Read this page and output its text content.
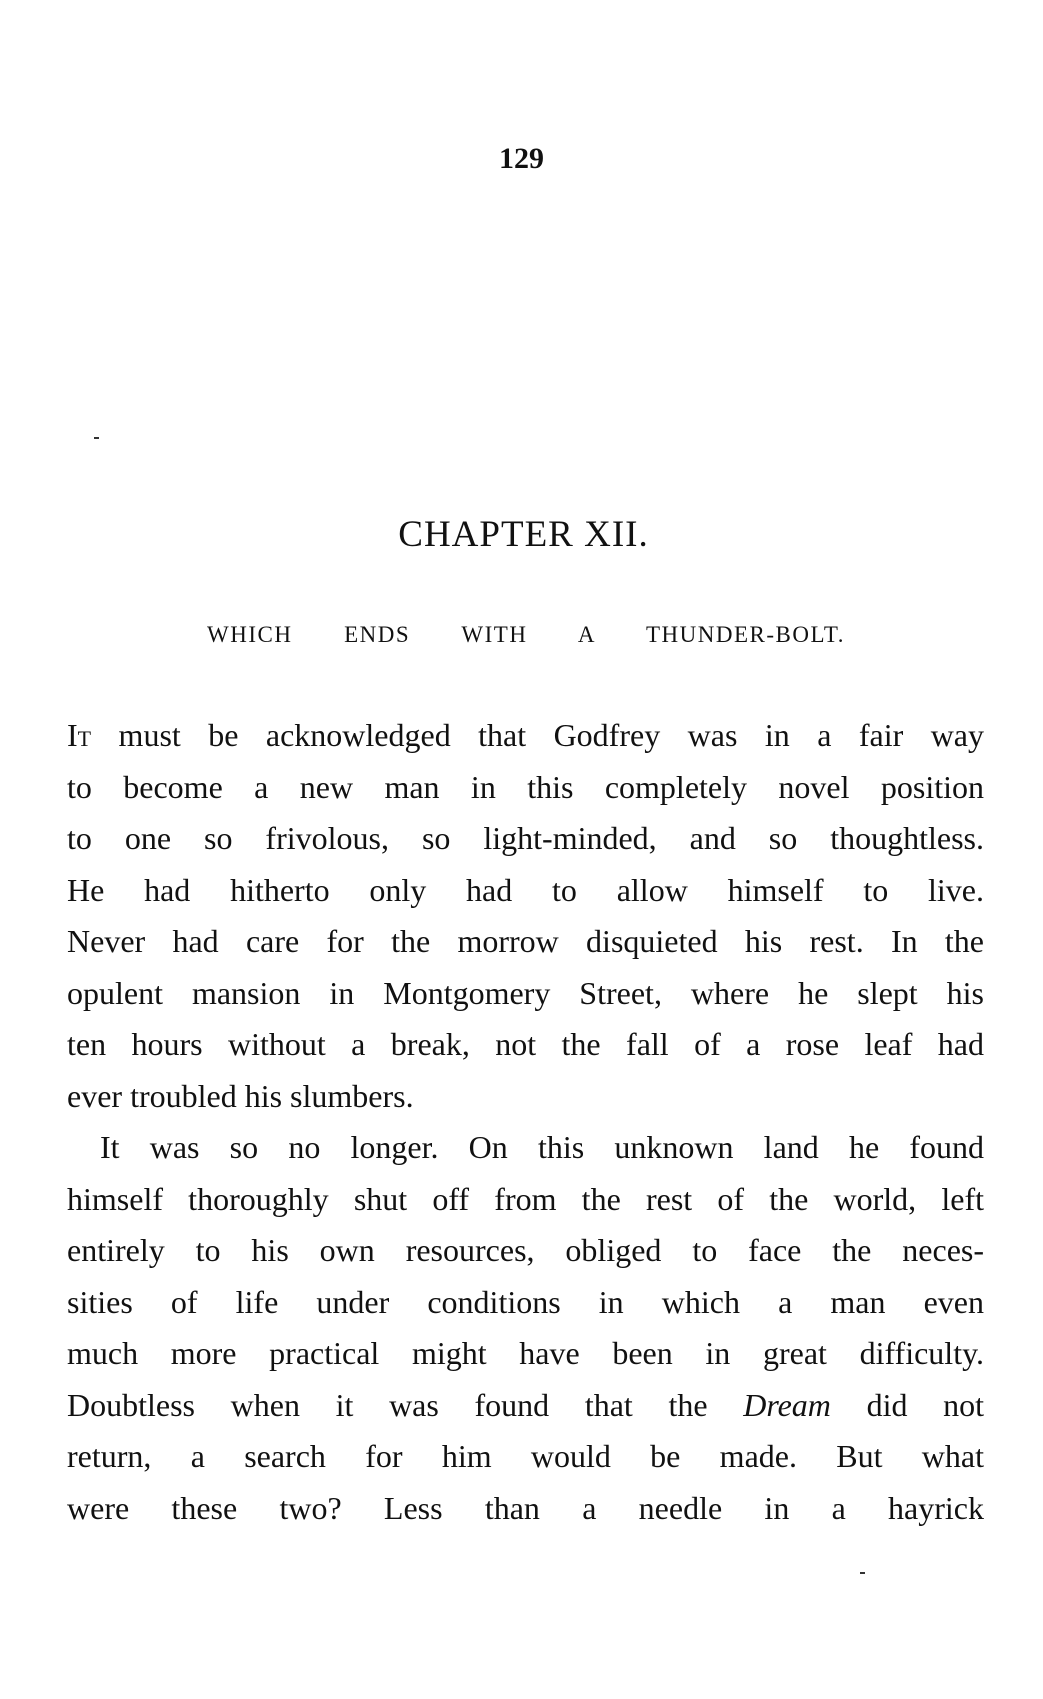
129
CHAPTER XII.
WHICH ENDS WITH A THUNDER-BOLT.
It must be acknowledged that Godfrey was in a fair way
to become a new man in this completely novel position
to one so frivolous, so light-minded, and so thoughtless.
He had hitherto only had to allow himself to live.
Never had care for the morrow disquieted his rest. In the
opulent mansion in Montgomery Street, where he slept his
ten hours without a break, not the fall of a rose leaf had
ever troubled his slumbers.
It was so no longer. On this unknown land he found
himself thoroughly shut off from the rest of the world, left
entirely to his own resources, obliged to face the neces-
sities of life under conditions in which a man even
much more practical might have been in great difficulty.
Doubtless when it was found that the Dream did not
return, a search for him would be made. But what
were these two? Less than a needle in a hayrick
